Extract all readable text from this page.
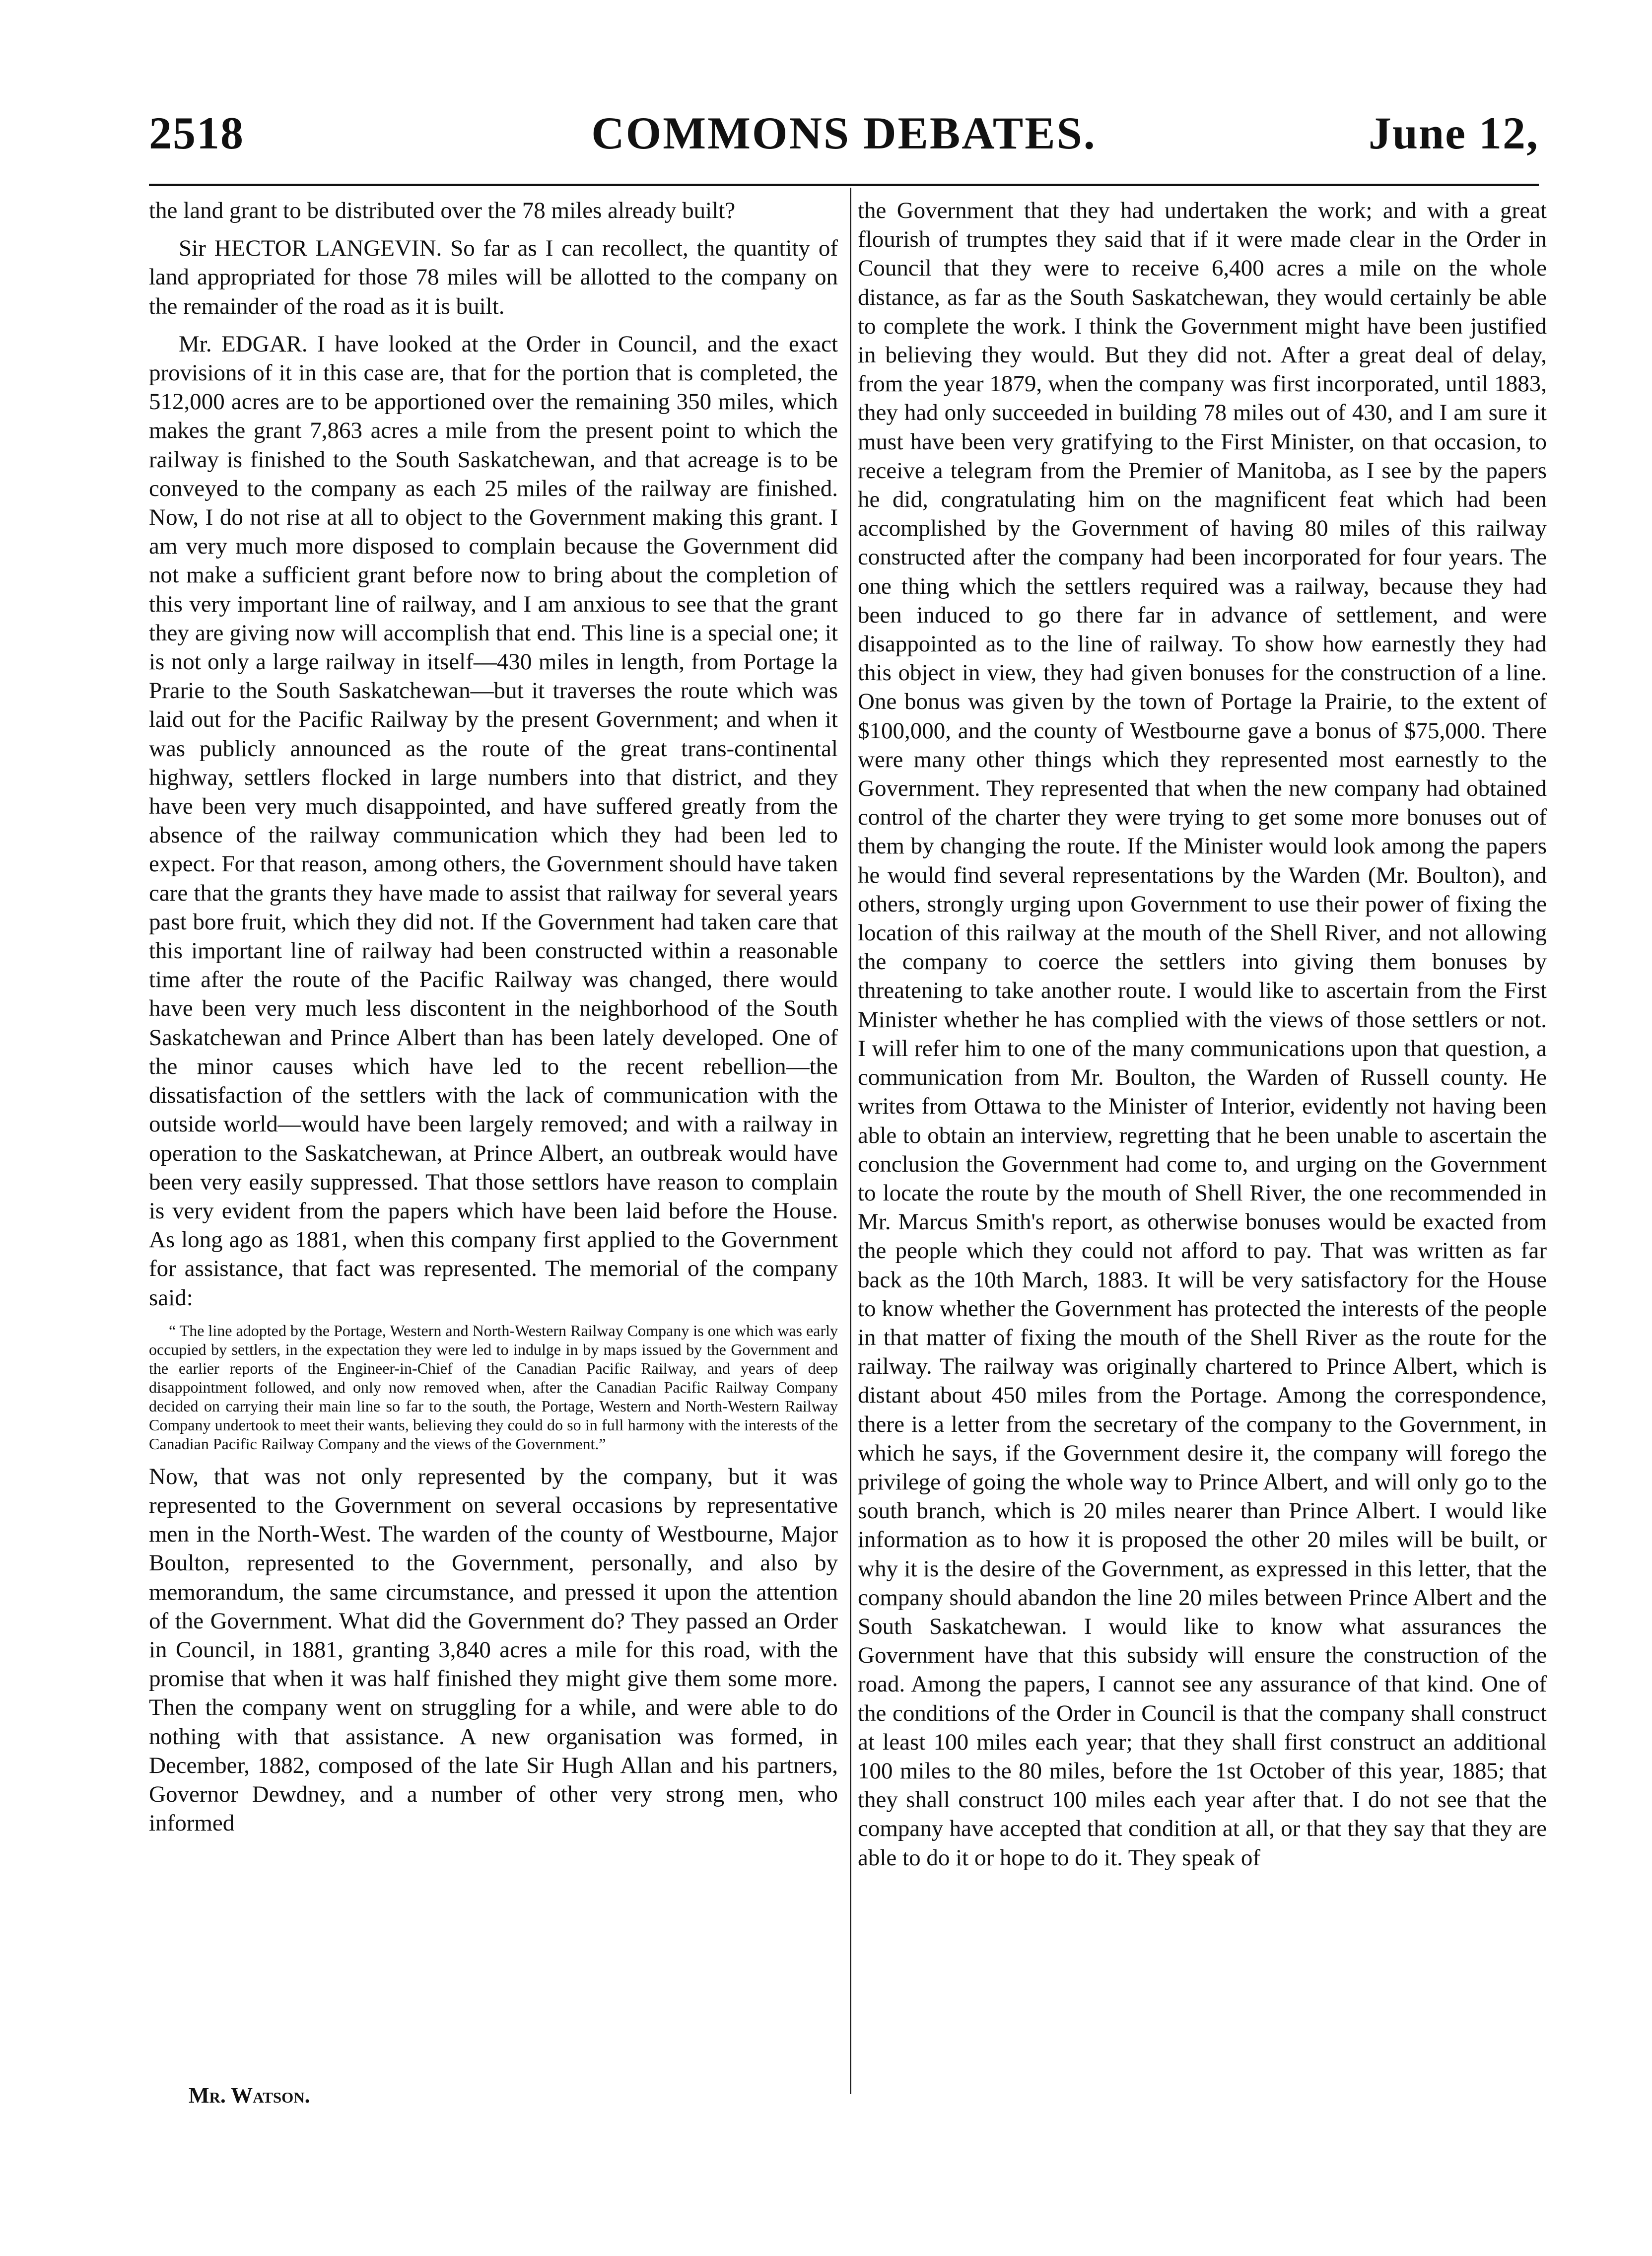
COMMONS DEBATES.
2518	June 12,

the land grant to be distributed over the 78 miles already built?

Sir HECTOR LANGEVIN. So far as I can recollect, the quantity of land appropriated for those 78 miles will be allotted to the company on the remainder of the road as it is built.

Mr. EDGAR. I have looked at the Order in Council, and the exact provisions of it in this case are, that for the portion that is completed, the 512,000 acres are to be apportioned over the remaining 350 miles, which makes the grant 7,863 acres a mile from the present point to which the railway is finished to the South Saskatchewan, and that acreage is to be conveyed to the company as each 25 miles of the railway are finished. Now, I do not rise at all to object to the Government making this grant. I am very much more disposed to complain because the Government did not make a sufficient grant before now to bring about the completion of this very important line of railway, and I am anxious to see that the grant they are giving now will accomplish that end. This line is a special one; it is not only a large railway in itself—430 miles in length, from Portage la Prarie to the South Saskatchewan—but it traverses the route which was laid out for the Pacific Railway by the present Government; and when it was publicly announced as the route of the great trans-continental highway, settlers flocked in large numbers into that district, and they have been very much disappointed, and have suffered greatly from the absence of the railway communication which they had been led to expect. For that reason, among others, the Government should have taken care that the grants they have made to assist that railway for several years past bore fruit, which they did not. If the Government had taken care that this important line of railway had been constructed within a reasonable time after the route of the Pacific Railway was changed, there would have been very much less discontent in the neighborhood of the South Saskatchewan and Prince Albert than has been lately developed. One of the minor causes which have led to the recent rebellion—the dissatisfaction of the settlers with the lack of communication with the outside world—would have been largely removed; and with a railway in operation to the Saskatchewan, at Prince Albert, an outbreak would have been very easily suppressed. That those settlors have reason to complain is very evident from the papers which have been laid before the House. As long ago as 1881, when this company first applied to the Government for assistance, that fact was represented. The memorial of the company said:

“ The line adopted by the Portage, Western and North-Western Railway Company is one which was early occupied by settlers, in the expectation they were led to indulge in by maps issued by the Government and the earlier reports of the Engineer-in-Chief of the Canadian Pacific Railway, and years of deep disappointment followed, and only now removed when, after the Canadian Pacific Railway Company decided on carrying their main line so far to the south, the Portage, Western and North-Western Railway Company undertook to meet their wants, believing they could do so in full harmony with the interests of the Canadian Pacific Railway Company and the views of the Government.”

Now, that was not only represented by the company, but it was represented to the Government on several occasions by representative men in the North-West. The warden of the county of Westbourne, Major Boulton, represented to the Government, personally, and also by memorandum, the same circumstance, and pressed it upon the attention of the Government. What did the Government do? They passed an Order in Council, in 1881, granting 3,840 acres a mile for this road, with the promise that when it was half finished they might give them some more. Then the company went on struggling for a while, and were able to do nothing with that assistance. A new organisation was formed, in December, 1882, composed of the late Sir Hugh Allan and his partners, Governor Dewdney, and a number of other very strong men, who informed

the Government that they had undertaken the work; and with a great flourish of trumptes they said that if it were made clear in the Order in Council that they were to receive 6,400 acres a mile on the whole distance, as far as the South Saskatchewan, they would certainly be able to complete the work. I think the Government might have been justified in believing they would. But they did not. After a great deal of delay, from the year 1879, when the company was first incorporated, until 1883, they had only succeeded in building 78 miles out of 430, and I am sure it must have been very gratifying to the First Minister, on that occasion, to receive a telegram from the Premier of Manitoba, as I see by the papers he did, congratulating him on the magnificent feat which had been accomplished by the Government of having 80 miles of this railway constructed after the company had been incorporated for four years. The one thing which the settlers required was a railway, because they had been induced to go there far in advance of settlement, and were disappointed as to the line of railway. To show how earnestly they had this object in view, they had given bonuses for the construction of a line. One bonus was given by the town of Portage la Prairie, to the extent of $100,000, and the county of Westbourne gave a bonus of $75,000. There were many other things which they represented most earnestly to the Government. They represented that when the new company had obtained control of the charter they were trying to get some more bonuses out of them by changing the route. If the Minister would look among the papers he would find several representations by the Warden (Mr. Boulton), and others, strongly urging upon Government to use their power of fixing the location of this railway at the mouth of the Shell River, and not allowing the company to coerce the settlers into giving them bonuses by threatening to take another route. I would like to ascertain from the First Minister whether he has complied with the views of those settlers or not. I will refer him to one of the many communications upon that question, a communication from Mr. Boulton, the Warden of Russell county. He writes from Ottawa to the Minister of Interior, evidently not having been able to obtain an interview, regretting that he been unable to ascertain the conclusion the Government had come to, and urging on the Government to locate the route by the mouth of Shell River, the one recommended in Mr. Marcus Smith's report, as otherwise bonuses would be exacted from the people which they could not afford to pay. That was written as far back as the 10th March, 1883. It will be very satisfactory for the House to know whether the Government has protected the interests of the people in that matter of fixing the mouth of the Shell River as the route for the railway. The railway was originally chartered to Prince Albert, which is distant about 450 miles from the Portage. Among the correspondence, there is a letter from the secretary of the company to the Government, in which he says, if the Government desire it, the company will forego the privilege of going the whole way to Prince Albert, and will only go to the south branch, which is 20 miles nearer than Prince Albert. I would like information as to how it is proposed the other 20 miles will be built, or why it is the desire of the Government, as expressed in this letter, that the company should abandon the line 20 miles between Prince Albert and the South Saskatchewan. I would like to know what assurances the Government have that this subsidy will ensure the construction of the road. Among the papers, I cannot see any assurance of that kind. One of the conditions of the Order in Council is that the company shall construct at least 100 miles each year; that they shall first construct an additional 100 miles to the 80 miles, before the 1st October of this year, 1885; that they shall construct 100 miles each year after that. I do not see that the company have accepted that condition at all, or that they say that they are able to do it or hope to do it. They speak of

Mr. Watson.
